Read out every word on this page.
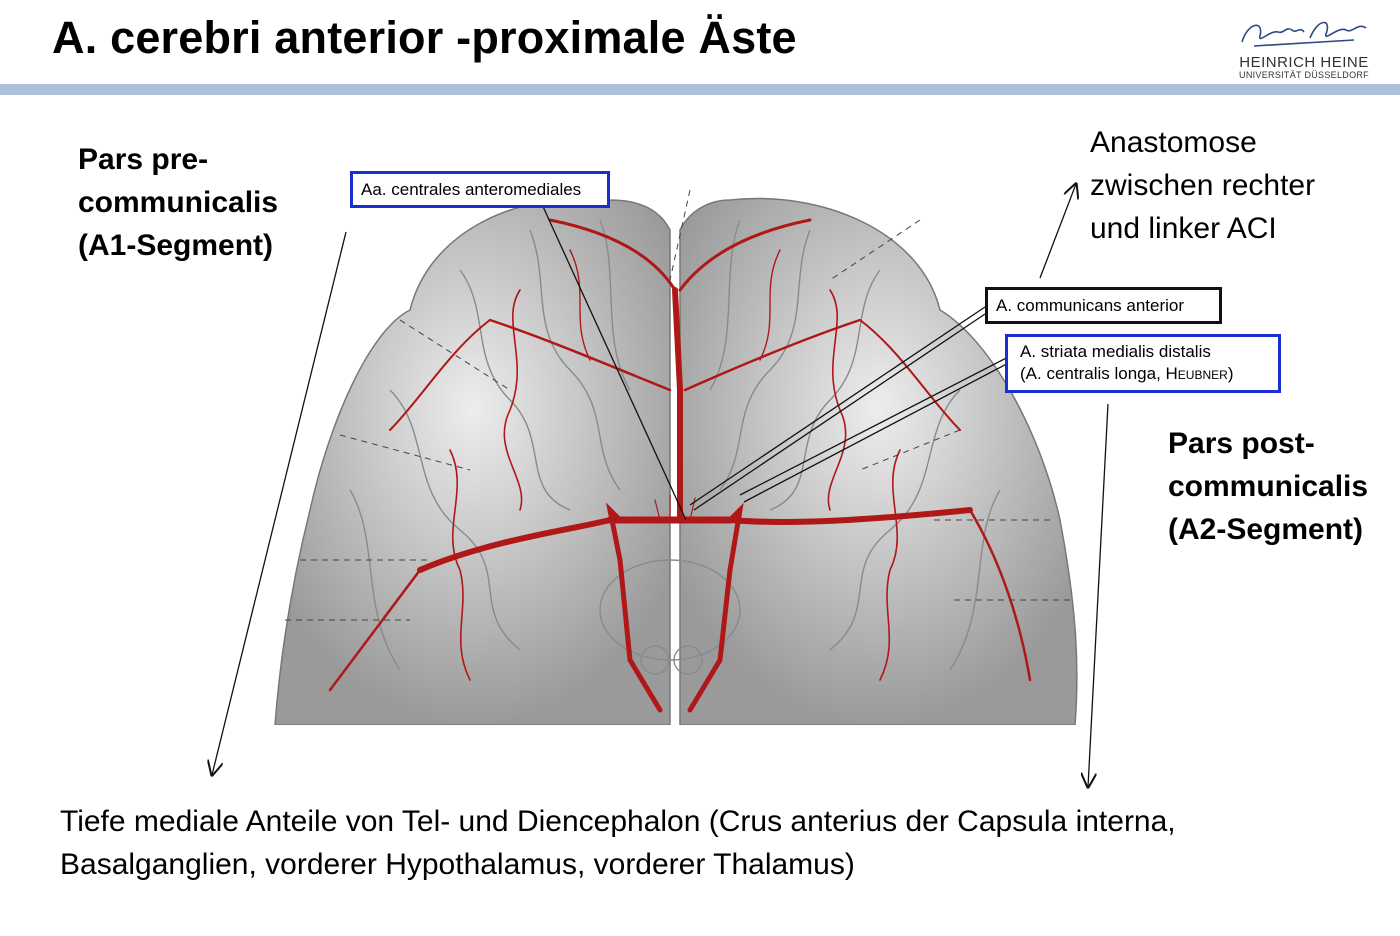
A. cerebri anterior -proximale Äste	HEINRICH HEINE
UNIVERSITÄT DÜSSELDORF
Pars pre-
communicalis
(A1-Segment)
Anastomose
zwischen rechter
und linker ACI
Pars post-
communicalis
(A2-Segment)
Aa. centrales anteromediales
A. communicans anterior
A. striata medialis distalis
(A. centralis longa, Heubner)
Tiefe mediale Anteile von Tel- und Diencephalon (Crus anterius der Capsula interna,
Basalganglien, vorderer Hypothalamus, vorderer Thalamus)
